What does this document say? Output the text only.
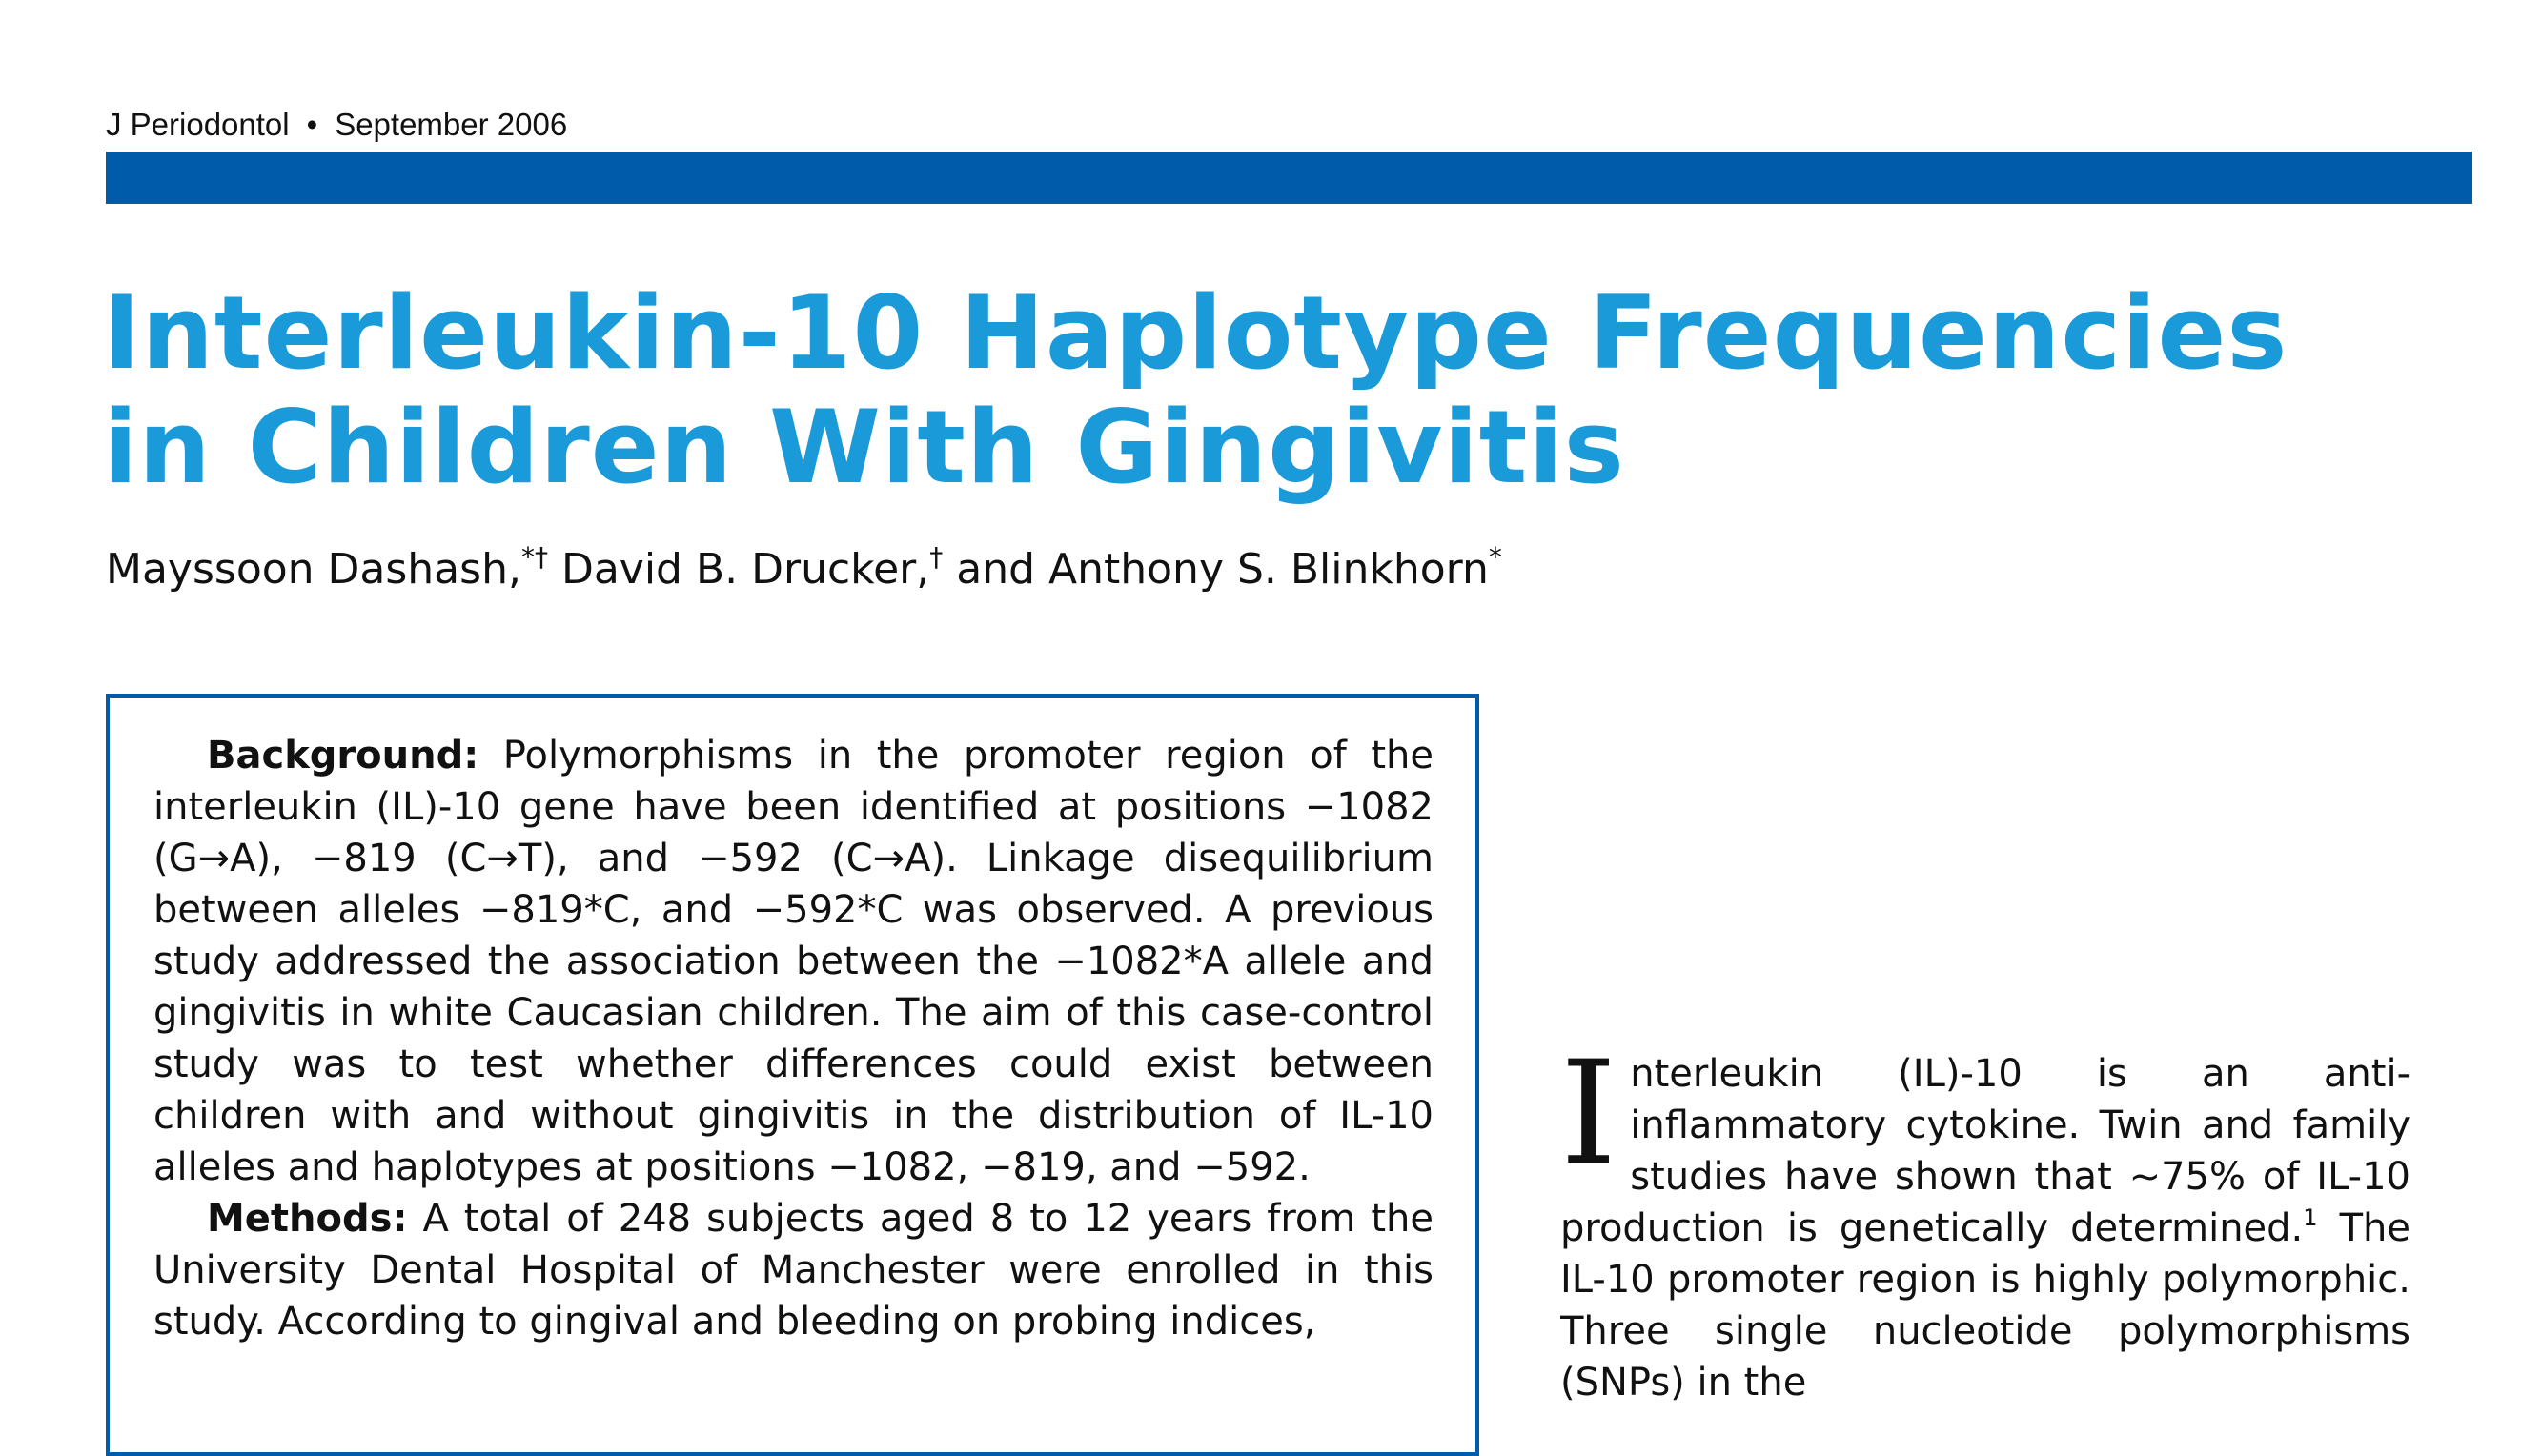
J Periodontol • September 2006
Interleukin-10 Haplotype Frequencies
in Children With Gingivitis
Mayssoon Dashash,*† David B. Drucker,† and Anthony S. Blinkhorn*

Background: Polymorphisms in the promoter region of the interleukin (IL)-10 gene have been identified at positions −1082 (G→A), −819 (C→T), and −592 (C→A). Linkage disequilibrium between alleles −819*C, and −592*C was observed. A previous study addressed the association between the −1082*A allele and gingivitis in white Caucasian children. The aim of this case-control study was to test whether differences could exist between children with and without gingivitis in the distribution of IL-10 alleles and haplotypes at positions −1082, −819, and −592.

Methods: A total of 248 subjects aged 8 to 12 years from the University Dental Hospital of Manchester were enrolled in this study. According to gingival and bleeding on probing indices,

Interleukin (IL)-10 is an anti-inflammatory cytokine. Twin and family studies have shown that ~75% of IL-10 production is genetically determined.$^1$ The IL-10 promoter region is highly polymorphic. Three single nucleotide polymorphisms (SNPs) in the
